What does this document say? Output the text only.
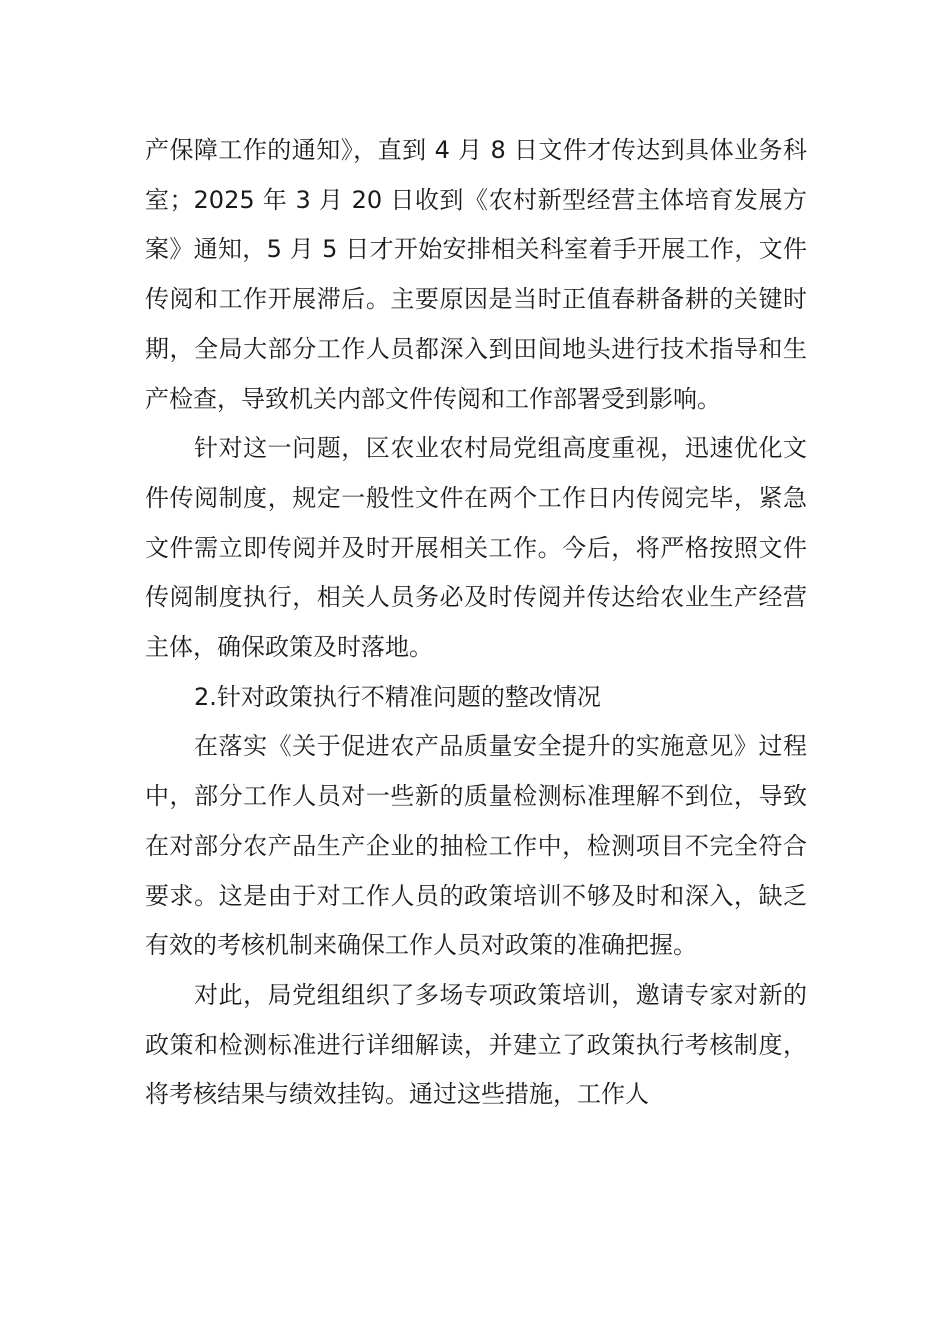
产保障工作的通知》，直到 4 月 8 日文件才传达到具体业务科室；2025 年 3 月 20 日收到《农村新型经营主体培育发展方案》通知，5 月 5 日才开始安排相关科室着手开展工作，文件传阅和工作开展滞后。主要原因是当时正值春耕备耕的关键时期，全局大部分工作人员都深入到田间地头进行技术指导和生产检查，导致机关内部文件传阅和工作部署受到影响。

针对这一问题，区农业农村局党组高度重视，迅速优化文件传阅制度，规定一般性文件在两个工作日内传阅完毕，紧急文件需立即传阅并及时开展相关工作。今后，将严格按照文件传阅制度执行，相关人员务必及时传阅并传达给农业生产经营主体，确保政策及时落地。

2.针对政策执行不精准问题的整改情况

在落实《关于促进农产品质量安全提升的实施意见》过程中，部分工作人员对一些新的质量检测标准理解不到位，导致在对部分农产品生产企业的抽检工作中，检测项目不完全符合要求。这是由于对工作人员的政策培训不够及时和深入，缺乏有效的考核机制来确保工作人员对政策的准确把握。

对此，局党组组织了多场专项政策培训，邀请专家对新的政策和检测标准进行详细解读，并建立了政策执行考核制度，将考核结果与绩效挂钩。通过这些措施，工作人
